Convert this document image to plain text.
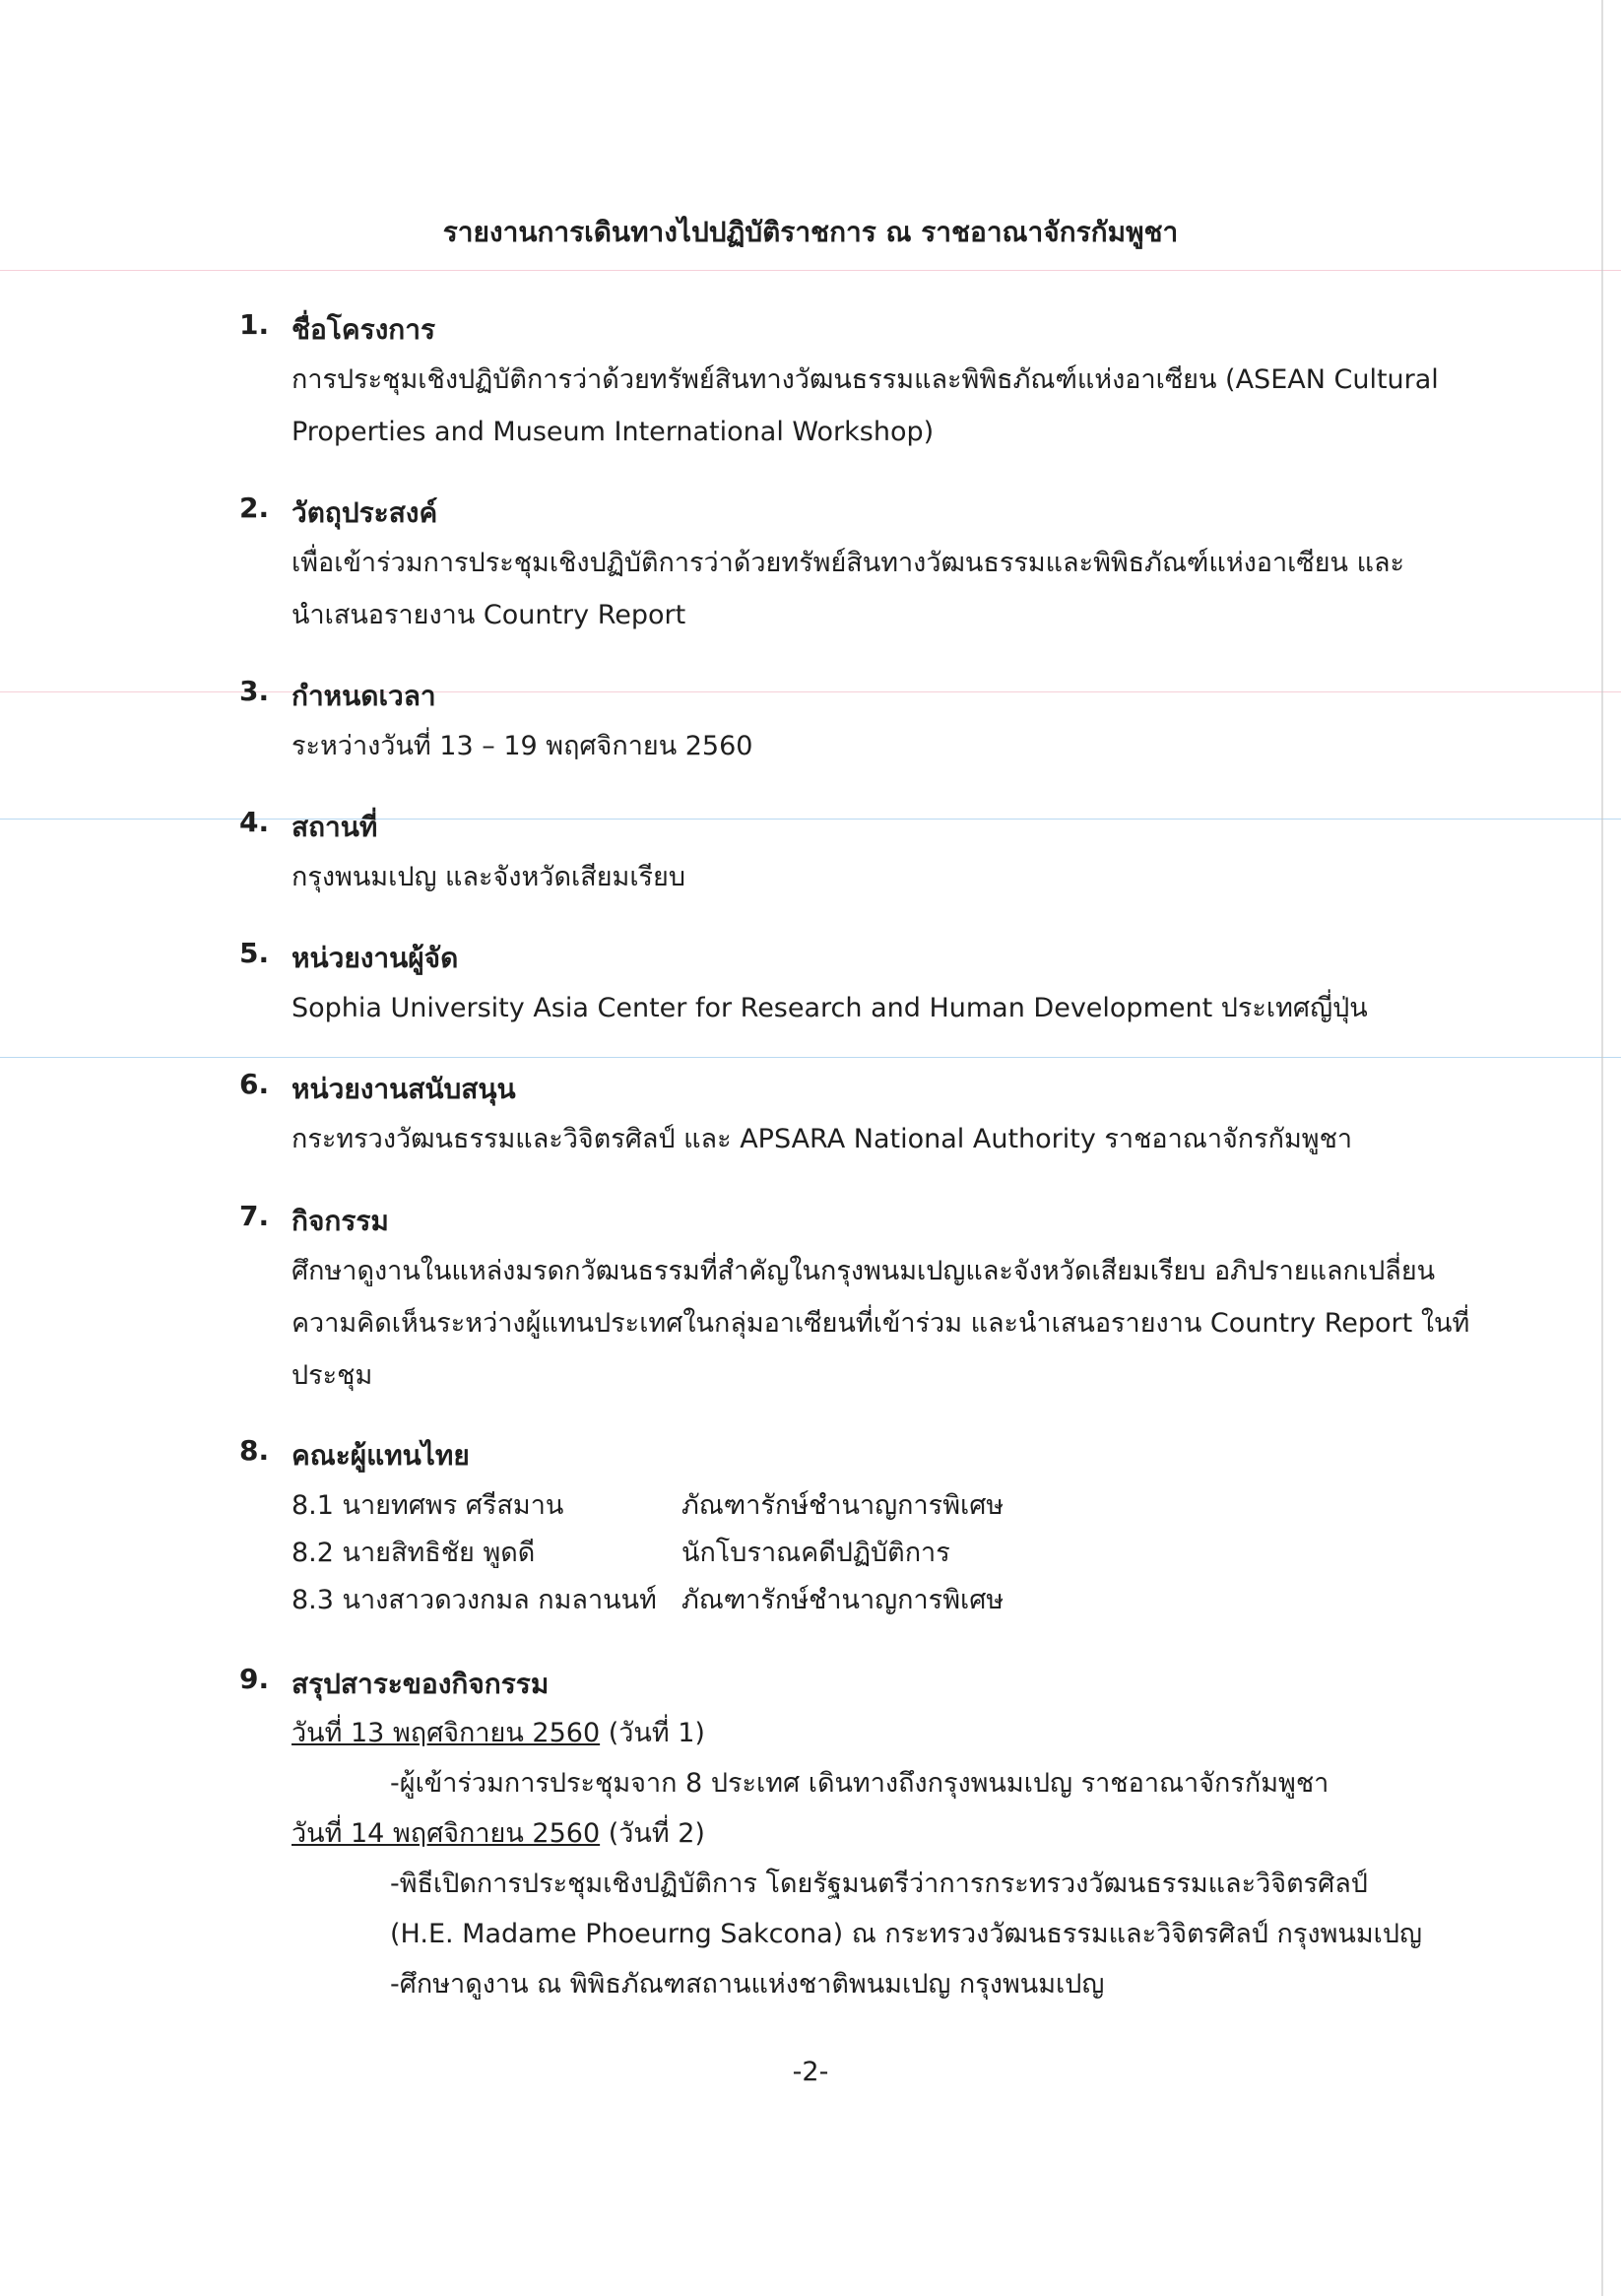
รายงานการเดินทางไปปฏิบัติราชการ ณ ราชอาณาจักรกัมพูชา
1. ชื่อโครงการ
การประชุมเชิงปฏิบัติการว่าด้วยทรัพย์สินทางวัฒนธรรมและพิพิธภัณฑ์แห่งอาเซียน (ASEAN Cultural
Properties and Museum International Workshop)
2. วัตถุประสงค์
เพื่อเข้าร่วมการประชุมเชิงปฏิบัติการว่าด้วยทรัพย์สินทางวัฒนธรรมและพิพิธภัณฑ์แห่งอาเซียน และ
นำเสนอรายงาน Country Report
3. กำหนดเวลา
ระหว่างวันที่ 13 – 19 พฤศจิกายน 2560
4. สถานที่
กรุงพนมเปญ และจังหวัดเสียมเรียบ
5. หน่วยงานผู้จัด
Sophia University Asia Center for Research and Human Development ประเทศญี่ปุ่น
6. หน่วยงานสนับสนุน
กระทรวงวัฒนธรรมและวิจิตรศิลป์ และ APSARA National Authority ราชอาณาจักรกัมพูชา
7. กิจกรรม
ศึกษาดูงานในแหล่งมรดกวัฒนธรรมที่สำคัญในกรุงพนมเปญและจังหวัดเสียมเรียบ อภิปรายแลกเปลี่ยน
ความคิดเห็นระหว่างผู้แทนประเทศในกลุ่มอาเซียนที่เข้าร่วม และนำเสนอรายงาน Country Report ในที่
ประชุม
8. คณะผู้แทนไทย
8.1 นายทศพร ศรีสมาน	ภัณฑารักษ์ชำนาญการพิเศษ
8.2 นายสิทธิชัย พูดดี	นักโบราณคดีปฏิบัติการ
8.3 นางสาวดวงกมล กมลานนท์ ภัณฑารักษ์ชำนาญการพิเศษ
9. สรุปสาระของกิจกรรม
วันที่ 13 พฤศจิกายน 2560 (วันที่ 1)
-ผู้เข้าร่วมการประชุมจาก 8 ประเทศ เดินทางถึงกรุงพนมเปญ ราชอาณาจักรกัมพูชา
วันที่ 14 พฤศจิกายน 2560 (วันที่ 2)
-พิธีเปิดการประชุมเชิงปฏิบัติการ โดยรัฐมนตรีว่าการกระทรวงวัฒนธรรมและวิจิตรศิลป์
(H.E. Madame Phoeurng Sakcona) ณ กระทรวงวัฒนธรรมและวิจิตรศิลป์ กรุงพนมเปญ
-ศึกษาดูงาน ณ พิพิธภัณฑสถานแห่งชาติพนมเปญ กรุงพนมเปญ
-2-
